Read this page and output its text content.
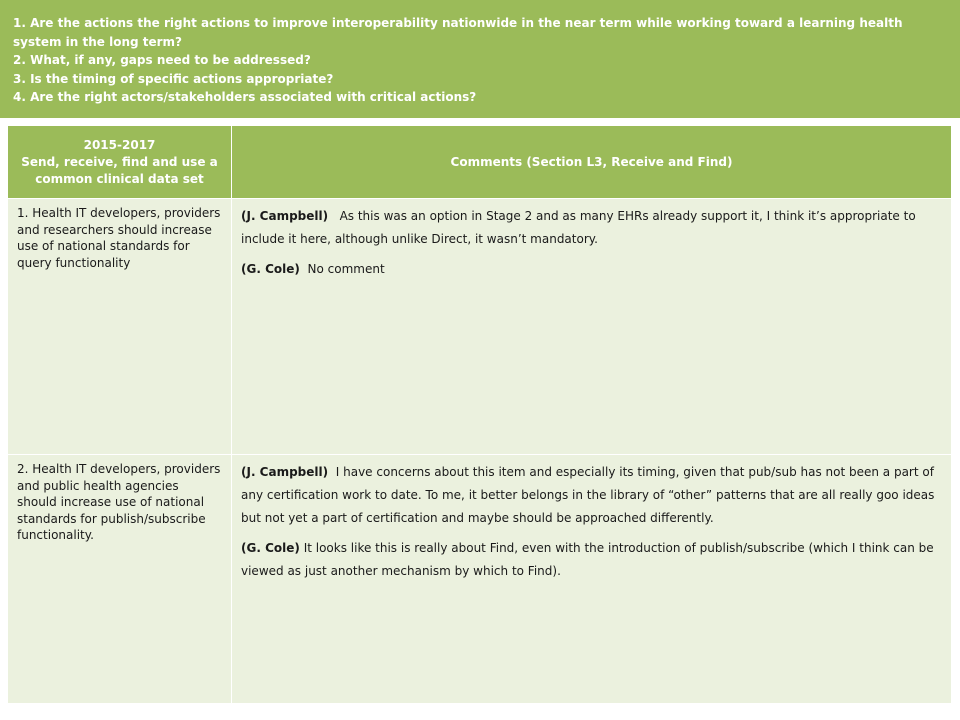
1. Are the actions the right actions to improve interoperability nationwide in the near term while working toward a learning health system in the long term?
2. What, if any, gaps need to be addressed?
3. Is the timing of specific actions appropriate?
4. Are the right actors/stakeholders associated with critical actions?
2015-2017
Send, receive, find and use a common clinical data set	Comments (Section L3, Receive and Find)

1. Health IT developers, providers and researchers should increase use of national standards for query functionality	(J. Campbell) As this was an option in Stage 2 and as many EHRs already support it, I think it’s appropriate to include it here, although unlike Direct, it wasn’t mandatory.

(G. Cole) No comment

2. Health IT developers, providers and public health agencies should increase use of national standards for publish/subscribe functionality.	(J. Campbell) I have concerns about this item and especially its timing, given that pub/sub has not been a part of any certification work to date. To me, it better belongs in the library of “other” patterns that are all really goo ideas but not yet a part of certification and maybe should be approached differently.

(G. Cole) It looks like this is really about Find, even with the introduction of publish/subscribe (which I think can be viewed as just another mechanism by which to Find).
